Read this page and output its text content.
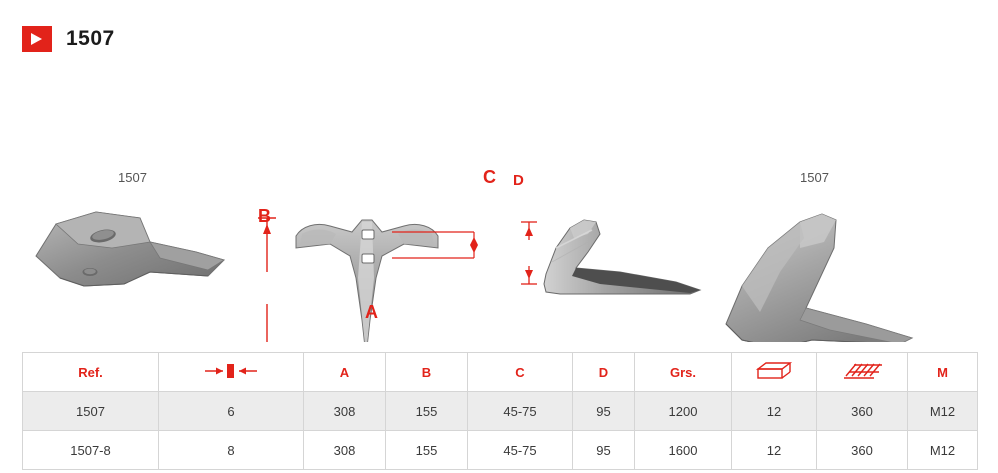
1507
1507	1507
B
A
C D
Ref.		A	B	C	D	Grs.			M
1507	6	308	155	45-75	95	1200	12	360	M12
1507-8	8	308	155	45-75	95	1600	12	360	M12
